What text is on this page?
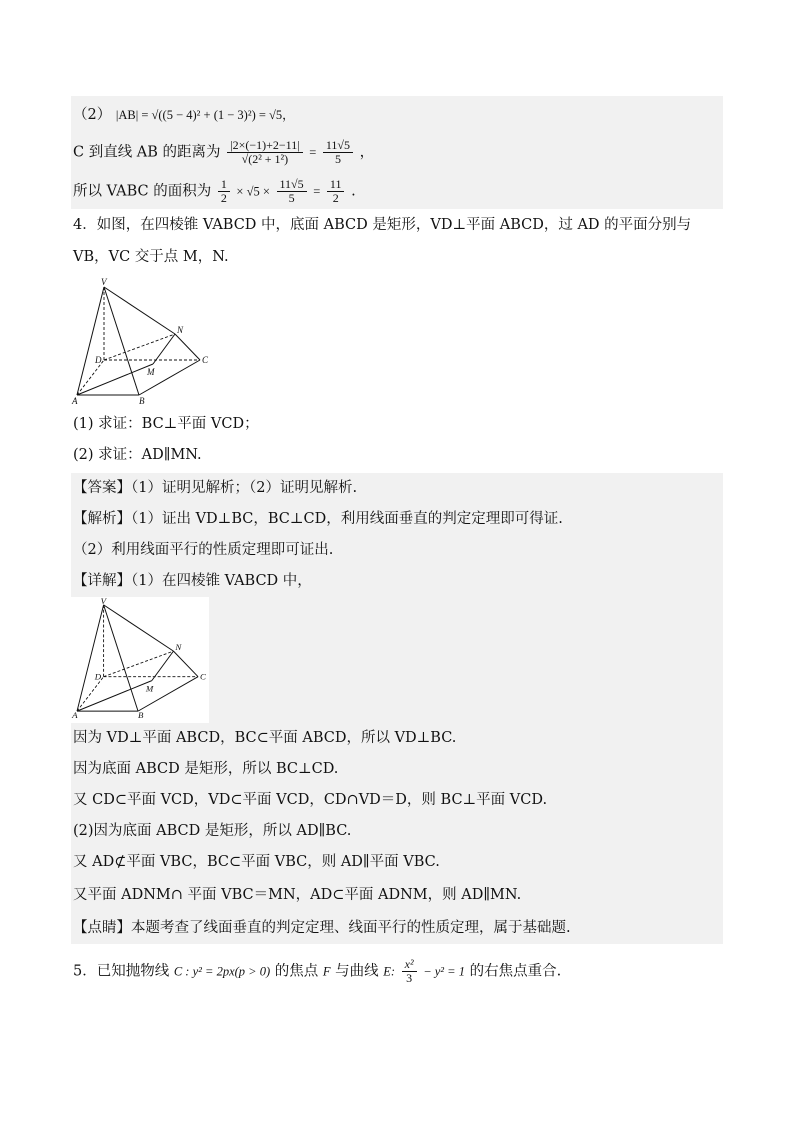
（2） |AB| = √((5 − 4)² + (1 − 3)²) = √5，
C 到直线 AB 的距离为 $\frac{|2\times(-1)+2-11|}{\text{√(2² + 1²)}} = \frac{11√5}{5}$ ，
所以 VABC 的面积为 $\frac{1}{2} \times √5 \times \frac{11√5}{5} = \frac{11}{2}$ .
4．如图，在四棱锥 VABCD 中，底面 ABCD 是矩形，VD⊥平面 ABCD，过 AD 的平面分别与
VB，VC 交于点 M，N.
V
N
D	C
M
A	B
(1) 求证：BC⊥平面 VCD；
(2) 求证：AD∥MN.
【答案】（1）证明见解析；（2）证明见解析.
【解析】（1）证出 VD⊥BC，BC⊥CD，利用线面垂直的判定定理即可得证.
（2）利用线面平行的性质定理即可证出.
【详解】（1）在四棱锥 VABCD 中，
V
N
D	C
M
A	B
因为 VD⊥平面 ABCD，BC⊂平面 ABCD，所以 VD⊥BC.
因为底面 ABCD 是矩形，所以 BC⊥CD.
又 CD⊂平面 VCD，VD⊂平面 VCD，CD∩VD＝D，则 BC⊥平面 VCD.
(2)因为底面 ABCD 是矩形，所以 AD∥BC.
又 AD⊄平面 VBC，BC⊂平面 VBC，则 AD∥平面 VBC.
又平面 ADNM∩ 平面 VBC＝MN，AD⊂平面 ADNM，则 AD∥MN.
【点睛】本题考查了线面垂直的判定定理、线面平行的性质定理，属于基础题.
5．已知抛物线 C : y² = 2px(p > 0) 的焦点 F 与曲线 E: $\frac{\text{x²}}{3} - y^2 = 1$ 的右焦点重合.
